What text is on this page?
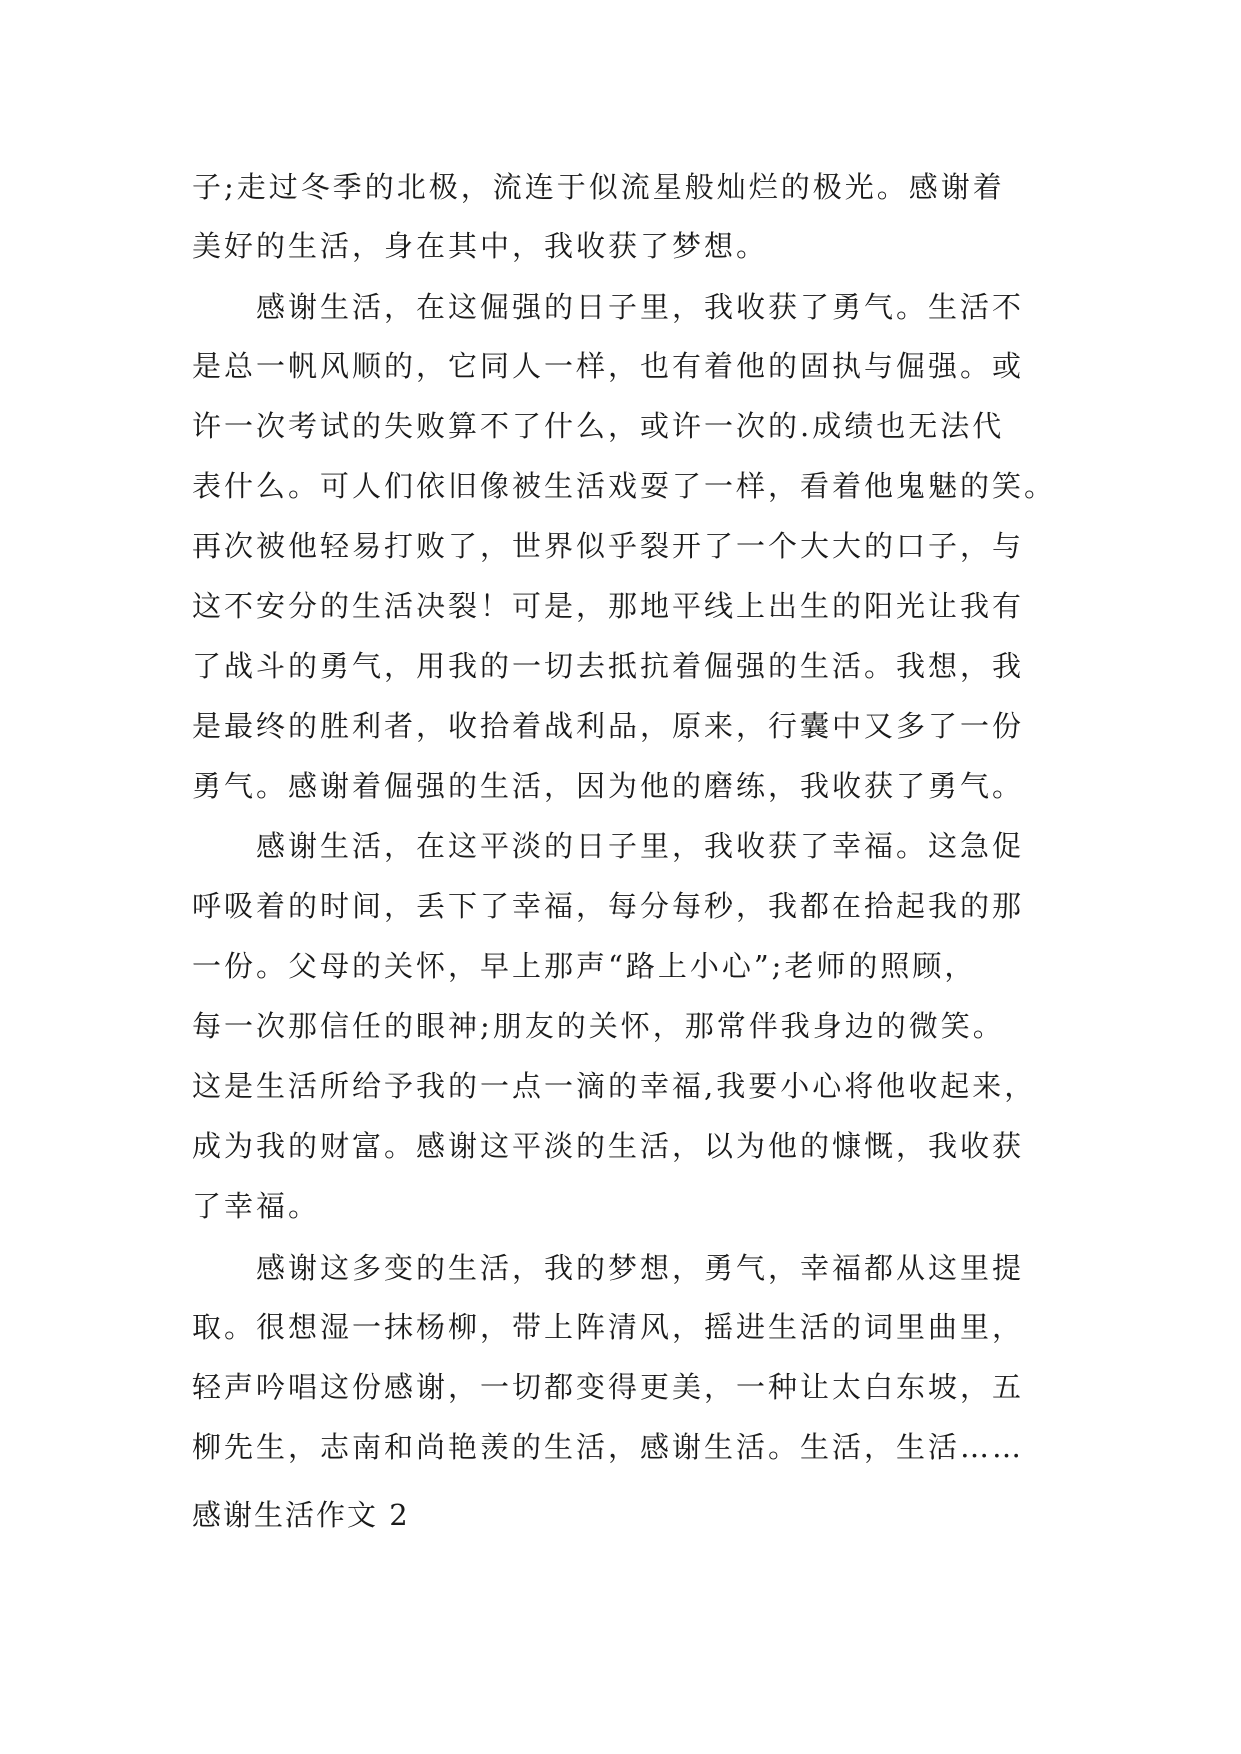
子;走过冬季的北极，流连于似流星般灿烂的极光。感谢着
美好的生活，身在其中，我收获了梦想。
感谢生活，在这倔强的日子里，我收获了勇气。生活不
是总一帆风顺的，它同人一样，也有着他的固执与倔强。或
许一次考试的失败算不了什么，或许一次的.成绩也无法代
表什么。可人们依旧像被生活戏耍了一样，看着他鬼魅的笑。
再次被他轻易打败了，世界似乎裂开了一个大大的口子，与
这不安分的生活决裂！可是，那地平线上出生的阳光让我有
了战斗的勇气，用我的一切去抵抗着倔强的生活。我想，我
是最终的胜利者，收拾着战利品，原来，行囊中又多了一份
勇气。感谢着倔强的生活，因为他的磨练，我收获了勇气。
感谢生活，在这平淡的日子里，我收获了幸福。这急促
呼吸着的时间，丢下了幸福，每分每秒，我都在拾起我的那
一份。父母的关怀，早上那声“路上小心”;老师的照顾，
每一次那信任的眼神;朋友的关怀，那常伴我身边的微笑。
这是生活所给予我的一点一滴的幸福,我要小心将他收起来，
成为我的财富。感谢这平淡的生活，以为他的慷慨，我收获
了幸福。
感谢这多变的生活，我的梦想，勇气，幸福都从这里提
取。很想湿一抹杨柳，带上阵清风，摇进生活的词里曲里，
轻声吟唱这份感谢，一切都变得更美，一种让太白东坡，五
柳先生，志南和尚艳羡的生活，感谢生活。生活，生活……
感谢生活作文 2
